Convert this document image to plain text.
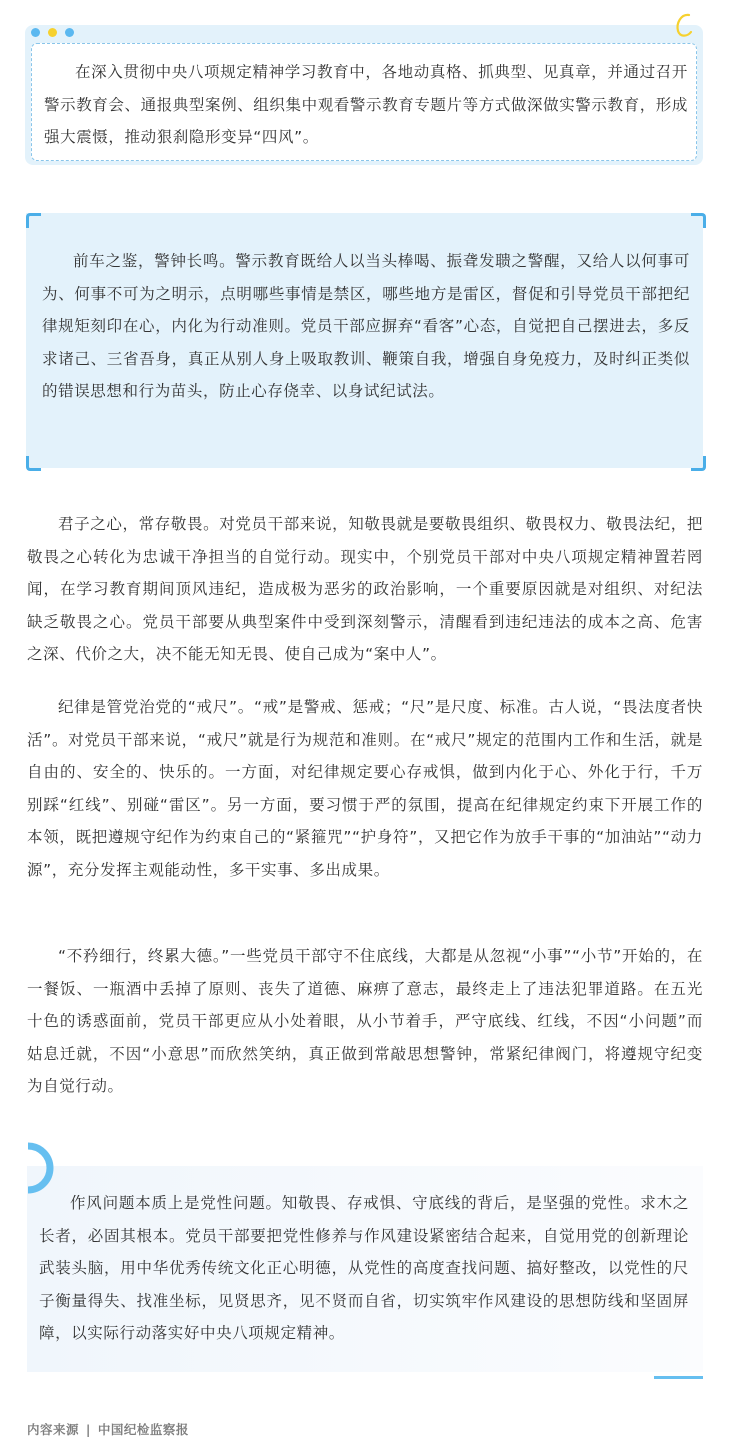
在深入贯彻中央八项规定精神学习教育中，各地动真格、抓典型、见真章，并通过召开警示教育会、通报典型案例、组织集中观看警示教育专题片等方式做深做实警示教育，形成强大震慑，推动狠刹隐形变异“四风”。

前车之鉴，警钟长鸣。警示教育既给人以当头棒喝、振聋发聩之警醒，又给人以何事可为、何事不可为之明示，点明哪些事情是禁区，哪些地方是雷区，督促和引导党员干部把纪律规矩刻印在心，内化为行动准则。党员干部应摒弃“看客”心态，自觉把自己摆进去，多反求诸己、三省吾身，真正从别人身上吸取教训、鞭策自我，增强自身免疫力，及时纠正类似的错误思想和行为苗头，防止心存侥幸、以身试纪试法。

君子之心，常存敬畏。对党员干部来说，知敬畏就是要敬畏组织、敬畏权力、敬畏法纪，把敬畏之心转化为忠诚干净担当的自觉行动。现实中，个别党员干部对中央八项规定精神置若罔闻，在学习教育期间顶风违纪，造成极为恶劣的政治影响，一个重要原因就是对组织、对纪法缺乏敬畏之心。党员干部要从典型案件中受到深刻警示，清醒看到违纪违法的成本之高、危害之深、代价之大，决不能无知无畏、使自己成为“案中人”。

纪律是管党治党的“戒尺”。“戒”是警戒、惩戒；“尺”是尺度、标准。古人说，“畏法度者快活”。对党员干部来说，“戒尺”就是行为规范和准则。在“戒尺”规定的范围内工作和生活，就是自由的、安全的、快乐的。一方面，对纪律规定要心存戒惧，做到内化于心、外化于行，千万别踩“红线”、别碰“雷区”。另一方面，要习惯于严的氛围，提高在纪律规定约束下开展工作的本领，既把遵规守纪作为约束自己的“紧箍咒”“护身符”，又把它作为放手干事的“加油站”“动力源”，充分发挥主观能动性，多干实事、多出成果。

“不矜细行，终累大德。”一些党员干部守不住底线，大都是从忽视“小事”“小节”开始的，在一餐饭、一瓶酒中丢掉了原则、丧失了道德、麻痹了意志，最终走上了违法犯罪道路。在五光十色的诱惑面前，党员干部更应从小处着眼，从小节着手，严守底线、红线，不因“小问题”而姑息迁就，不因“小意思”而欣然笑纳，真正做到常敲思想警钟，常紧纪律阀门，将遵规守纪变为自觉行动。

作风问题本质上是党性问题。知敬畏、存戒惧、守底线的背后，是坚强的党性。求木之长者，必固其根本。党员干部要把党性修养与作风建设紧密结合起来，自觉用党的创新理论武装头脑，用中华优秀传统文化正心明德，从党性的高度查找问题、搞好整改，以党性的尺子衡量得失、找准坐标，见贤思齐，见不贤而自省，切实筑牢作风建设的思想防线和坚固屏障，以实际行动落实好中央八项规定精神。

内容来源 | 中国纪检监察报
